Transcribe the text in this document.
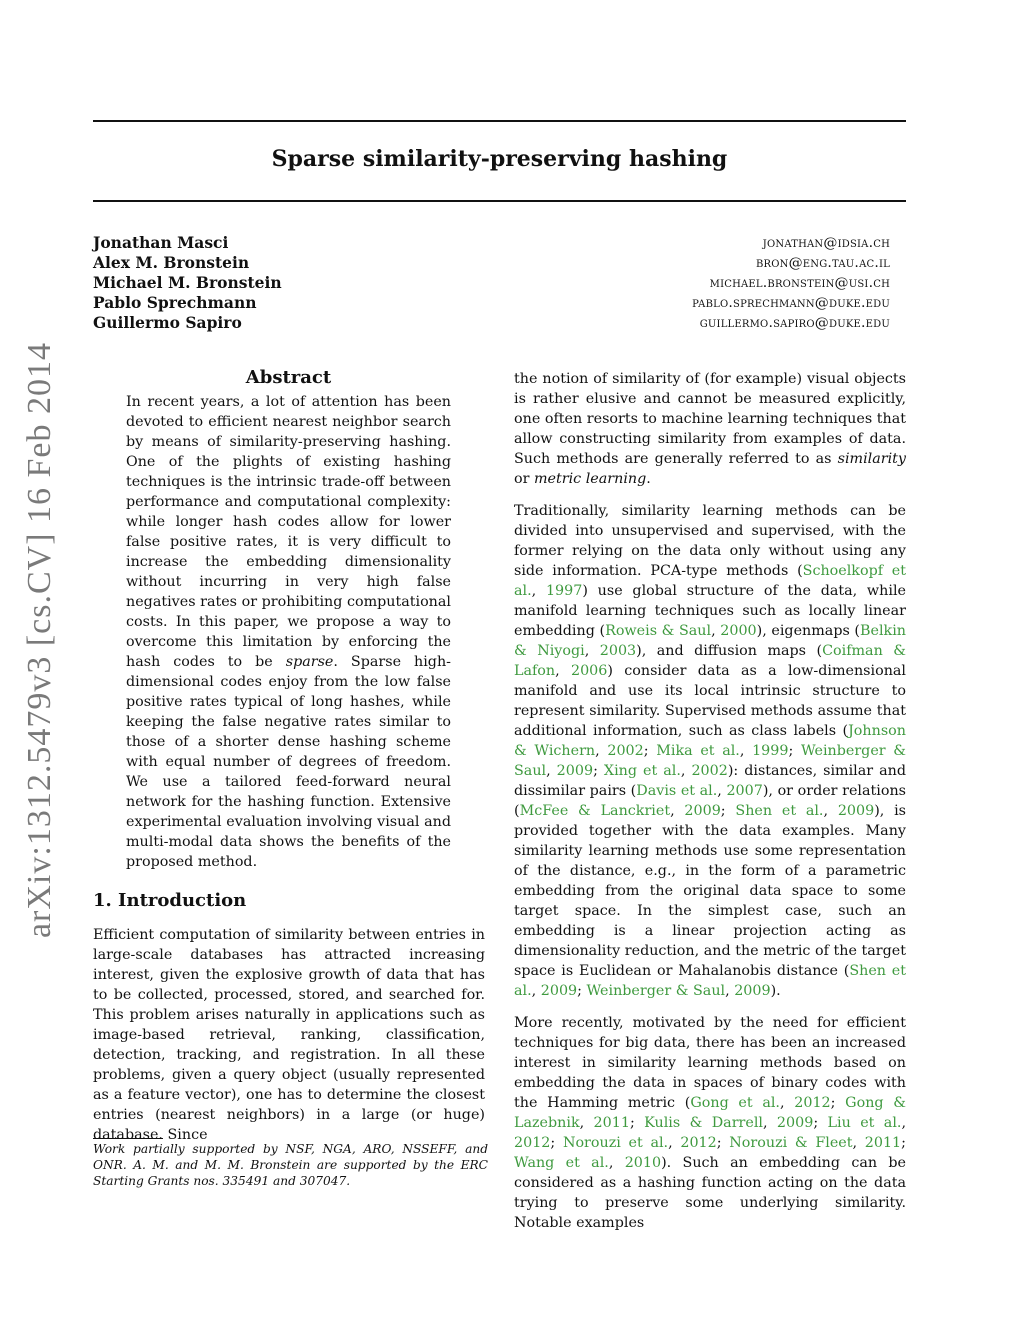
Sparse similarity-preserving hashing
Jonathan Masci	jonathan@idsia.ch
Alex M. Bronstein	bron@eng.tau.ac.il
Michael M. Bronstein	michael.bronstein@usi.ch
Pablo Sprechmann	pablo.sprechmann@duke.edu
Guillermo Sapiro	guillermo.sapiro@duke.edu
arXiv:1312.5479v3 [cs.CV] 16 Feb 2014	Abstract

In recent years, a lot of attention has been devoted to efficient nearest neighbor search by means of similarity-preserving hashing. One of the plights of existing hashing techniques is the intrinsic trade-off between performance and computational complexity: while longer hash codes allow for lower false positive rates, it is very difficult to increase the embedding dimensionality without incurring in very high false negatives rates or prohibiting computational costs. In this paper, we propose a way to overcome this limitation by enforcing the hash codes to be sparse. Sparse high-dimensional codes enjoy from the low false positive rates typical of long hashes, while keeping the false negative rates similar to those of a shorter dense hashing scheme with equal number of degrees of freedom. We use a tailored feed-forward neural network for the hashing function. Extensive experimental evaluation involving visual and multi-modal data shows the benefits of the proposed method.

1. Introduction

Efficient computation of similarity between entries in large-scale databases has attracted increasing interest, given the explosive growth of data that has to be collected, processed, stored, and searched for. This problem arises naturally in applications such as image-based retrieval, ranking, classification, detection, tracking, and registration. In all these problems, given a query object (usually represented as a feature vector), one has to determine the closest entries (nearest neighbors) in a large (or huge) database. Since

Work partially supported by NSF, NGA, ARO, NSSEFF, and ONR. A. M. and M. M. Bronstein are supported by the ERC Starting Grants nos. 335491 and 307047.

the notion of similarity of (for example) visual objects is rather elusive and cannot be measured explicitly, one often resorts to machine learning techniques that allow constructing similarity from examples of data. Such methods are generally referred to as similarity or metric learning.

Traditionally, similarity learning methods can be divided into unsupervised and supervised, with the former relying on the data only without using any side information. PCA-type methods (Schoelkopf et al., 1997) use global structure of the data, while manifold learning techniques such as locally linear embedding (Roweis & Saul, 2000), eigenmaps (Belkin & Niyogi, 2003), and diffusion maps (Coifman & Lafon, 2006) consider data as a low-dimensional manifold and use its local intrinsic structure to represent similarity. Supervised methods assume that additional information, such as class labels (Johnson & Wichern, 2002; Mika et al., 1999; Weinberger & Saul, 2009; Xing et al., 2002): distances, similar and dissimilar pairs (Davis et al., 2007), or order relations (McFee & Lanckriet, 2009; Shen et al., 2009), is provided together with the data examples. Many similarity learning methods use some representation of the distance, e.g., in the form of a parametric embedding from the original data space to some target space. In the simplest case, such an embedding is a linear projection acting as dimensionality reduction, and the metric of the target space is Euclidean or Mahalanobis distance (Shen et al., 2009; Weinberger & Saul, 2009).

More recently, motivated by the need for efficient techniques for big data, there has been an increased interest in similarity learning methods based on embedding the data in spaces of binary codes with the Hamming metric (Gong et al., 2012; Gong & Lazebnik, 2011; Kulis & Darrell, 2009; Liu et al., 2012; Norouzi et al., 2012; Norouzi & Fleet, 2011; Wang et al., 2010). Such an embedding can be considered as a hashing function acting on the data trying to preserve some underlying similarity. Notable examples
